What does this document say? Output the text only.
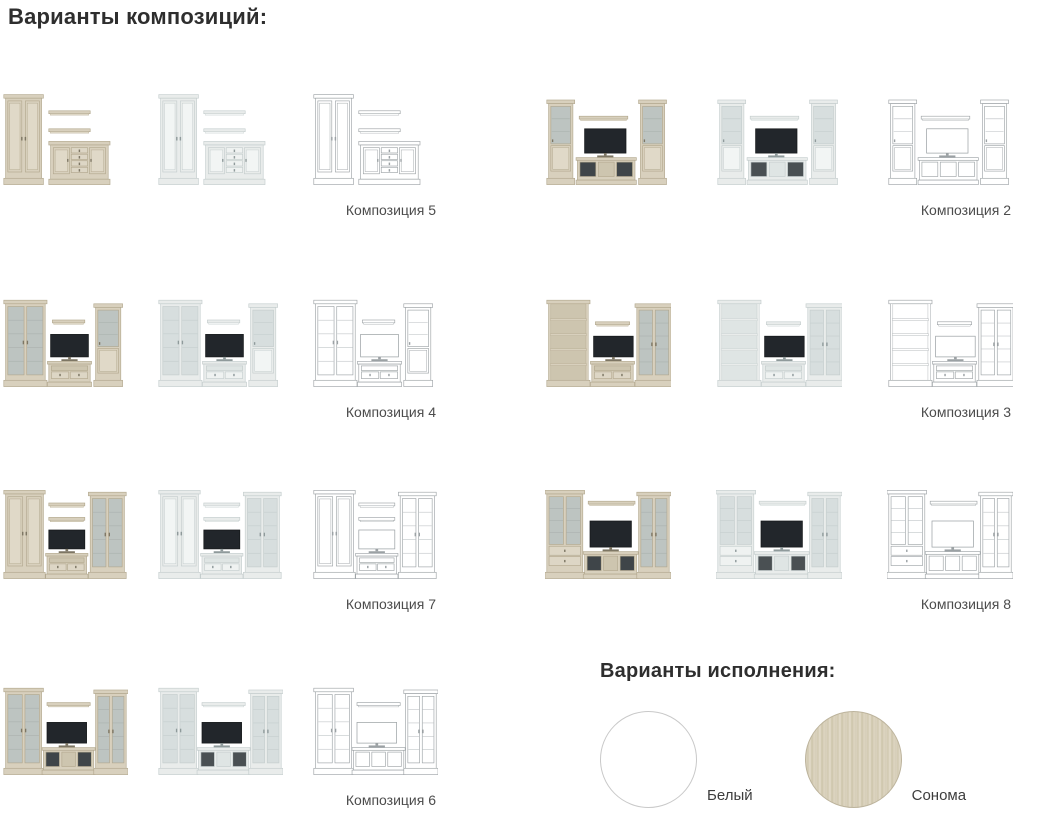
Варианты композиций:
Композиция 5	Композиция 2
Композиция 4	Композиция 3
Композиция 7	Композиция 8
Композиция 6
Варианты исполнения:
Белый	Сонома
